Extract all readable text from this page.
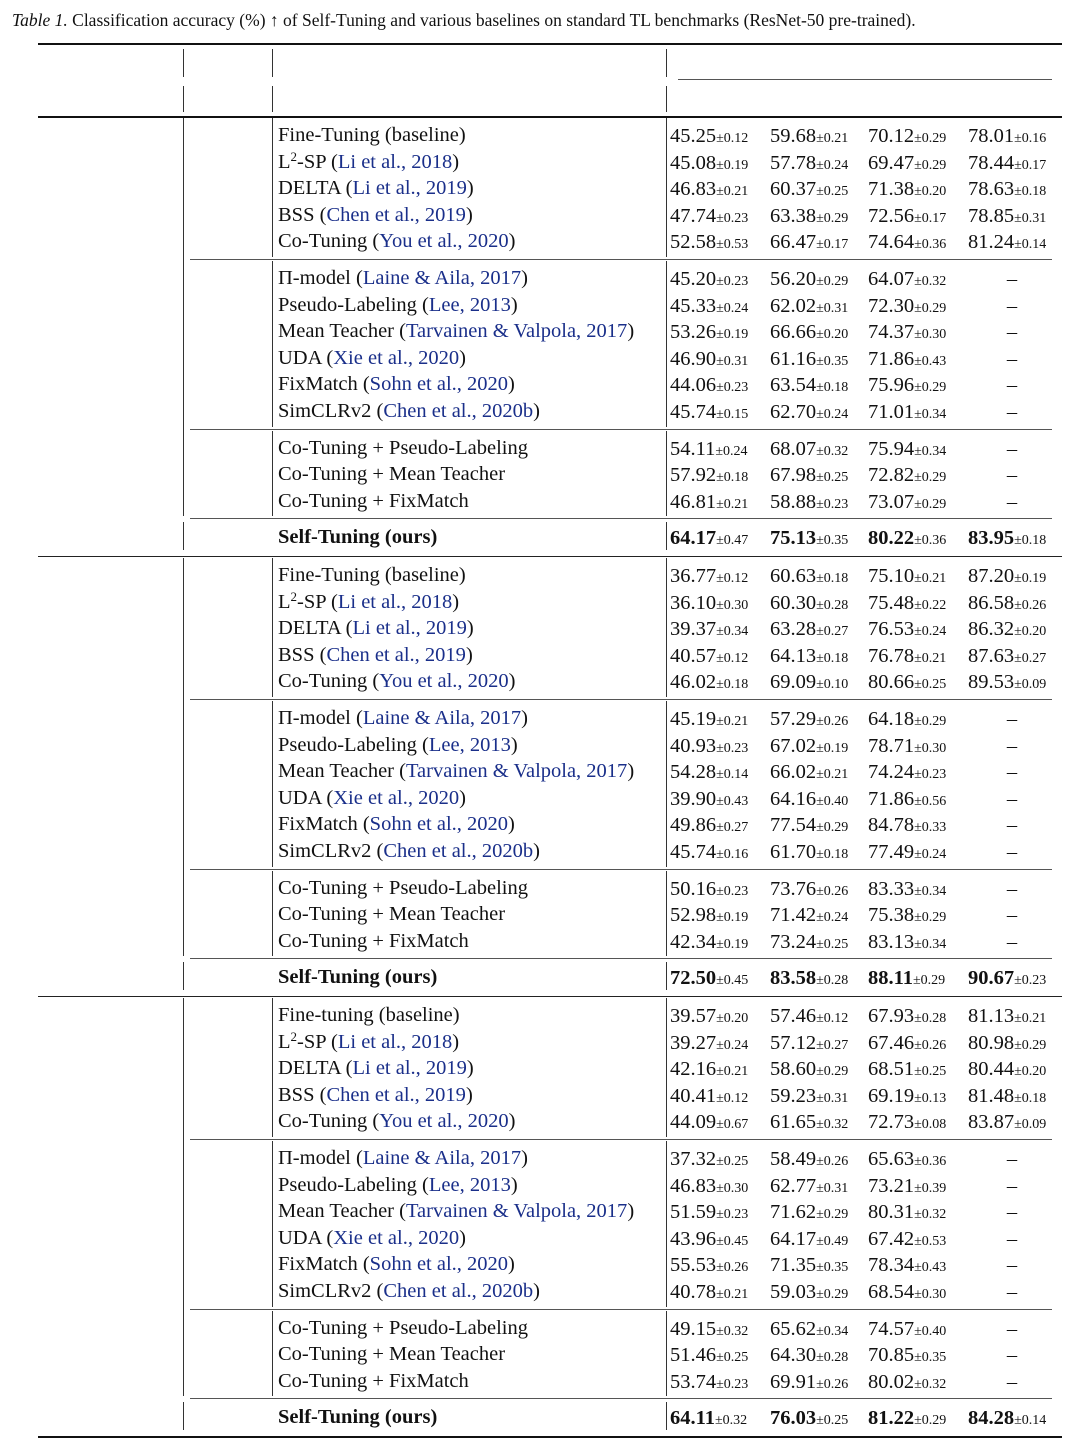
Table 1. Classification accuracy (%) ↑ of Self-Tuning and various baselines on standard TL benchmarks (ResNet-50 pre-trained).
Fine-Tuning (baseline)	45.25±0.12 59.68±0.21 70.12±0.29 78.01±0.16
$L^2-SP$ (Li et al., 2018)	45.08±0.19 57.78±0.24 69.47±0.29 78.44±0.17
DELTA (Li et al., 2019)	46.83±0.21 60.37±0.25 71.38±0.20 78.63±0.18
BSS (Chen et al., 2019)	47.74±0.23 63.38±0.29 72.56±0.17 78.85±0.31
Co-Tuning (You et al., 2020)	52.58±0.53 66.47±0.17 74.64±0.36 81.24±0.14
Π-model (Laine & Aila, 2017)	45.20±0.23 56.20±0.29 64.07±0.32	–
Pseudo-Labeling (Lee, 2013)	45.33±0.24 62.02±0.31 72.30±0.29	–
Mean Teacher (Tarvainen & Valpola, 2017) 53.26±0.19 66.66±0.20 74.37±0.30	–
UDA (Xie et al., 2020)	46.90±0.31 61.16±0.35 71.86±0.43	–
FixMatch (Sohn et al., 2020)	44.06±0.23 63.54±0.18 75.96±0.29	–
SimCLRv2 (Chen et al., 2020b)	45.74±0.15 62.70±0.24 71.01±0.34	–
Co-Tuning + Pseudo-Labeling	54.11±0.24 68.07±0.32 75.94±0.34	–
Co-Tuning + Mean Teacher	57.92±0.18 67.98±0.25 72.82±0.29	–
Co-Tuning + FixMatch	46.81±0.21 58.88±0.23 73.07±0.29	–
Self-Tuning (ours)	64.17±0.47 75.13±0.35 80.22±0.36 83.95±0.18
Fine-Tuning (baseline)	36.77±0.12 60.63±0.18 75.10±0.21 87.20±0.19
$L^2-SP$ (Li et al., 2018)	36.10±0.30 60.30±0.28 75.48±0.22 86.58±0.26
DELTA (Li et al., 2019)	39.37±0.34 63.28±0.27 76.53±0.24 86.32±0.20
BSS (Chen et al., 2019)	40.57±0.12 64.13±0.18 76.78±0.21 87.63±0.27
Co-Tuning (You et al., 2020)	46.02±0.18 69.09±0.10 80.66±0.25 89.53±0.09
Π-model (Laine & Aila, 2017)	45.19±0.21 57.29±0.26 64.18±0.29	–
Pseudo-Labeling (Lee, 2013)	40.93±0.23 67.02±0.19 78.71±0.30	–
Mean Teacher (Tarvainen & Valpola, 2017) 54.28±0.14 66.02±0.21 74.24±0.23	–
UDA (Xie et al., 2020)	39.90±0.43 64.16±0.40 71.86±0.56	–
FixMatch (Sohn et al., 2020)	49.86±0.27 77.54±0.29 84.78±0.33	–
SimCLRv2 (Chen et al., 2020b)	45.74±0.16 61.70±0.18 77.49±0.24	–
Co-Tuning + Pseudo-Labeling	50.16±0.23 73.76±0.26 83.33±0.34	–
Co-Tuning + Mean Teacher	52.98±0.19 71.42±0.24 75.38±0.29	–
Co-Tuning + FixMatch	42.34±0.19 73.24±0.25 83.13±0.34	–
Self-Tuning (ours)	72.50±0.45 83.58±0.28 88.11±0.29 90.67±0.23
Fine-tuning (baseline)	39.57±0.20 57.46±0.12 67.93±0.28 81.13±0.21
$L^2-SP$ (Li et al., 2018)	39.27±0.24 57.12±0.27 67.46±0.26 80.98±0.29
DELTA (Li et al., 2019)	42.16±0.21 58.60±0.29 68.51±0.25 80.44±0.20
BSS (Chen et al., 2019)	40.41±0.12 59.23±0.31 69.19±0.13 81.48±0.18
Co-Tuning (You et al., 2020)	44.09±0.67 61.65±0.32 72.73±0.08 83.87±0.09
Π-model (Laine & Aila, 2017)	37.32±0.25 58.49±0.26 65.63±0.36	–
Pseudo-Labeling (Lee, 2013)	46.83±0.30 62.77±0.31 73.21±0.39	–
Mean Teacher (Tarvainen & Valpola, 2017) 51.59±0.23 71.62±0.29 80.31±0.32	–
UDA (Xie et al., 2020)	43.96±0.45 64.17±0.49 67.42±0.53	–
FixMatch (Sohn et al., 2020)	55.53±0.26 71.35±0.35 78.34±0.43	–
SimCLRv2 (Chen et al., 2020b)	40.78±0.21 59.03±0.29 68.54±0.30	–
Co-Tuning + Pseudo-Labeling	49.15±0.32 65.62±0.34 74.57±0.40	–
Co-Tuning + Mean Teacher	51.46±0.25 64.30±0.28 70.85±0.35	–
Co-Tuning + FixMatch	53.74±0.23 69.91±0.26 80.02±0.32	–
Self-Tuning (ours)	64.11±0.32 76.03±0.25 81.22±0.29 84.28±0.14
